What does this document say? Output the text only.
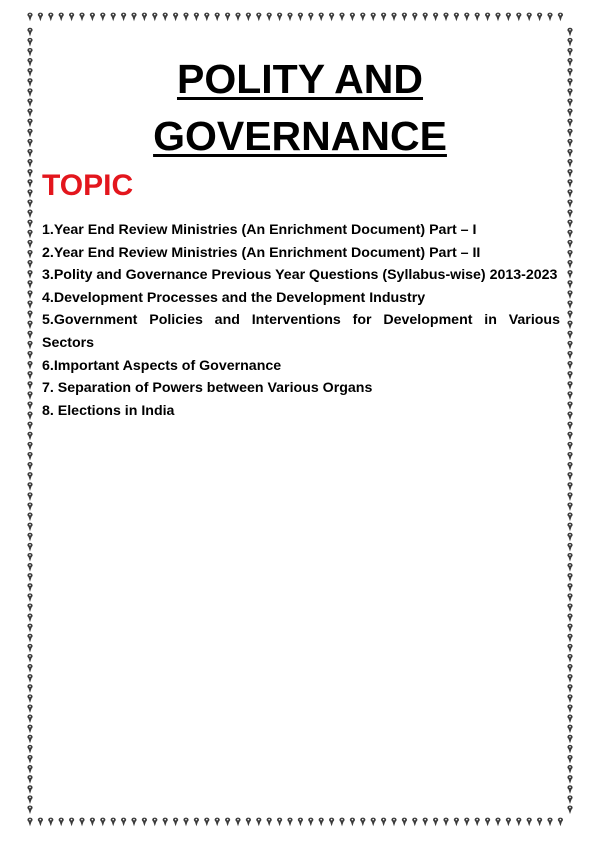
POLITY AND
GOVERNANCE
TOPIC
1.Year End Review Ministries (An Enrichment Document) Part – I
2.Year End Review Ministries (An Enrichment Document) Part – II
3.Polity and Governance Previous Year Questions (Syllabus-wise) 2013-2023
4.Development Processes and the Development Industry
5.Government Policies and Interventions for Development in Various Sectors
6.Important Aspects of Governance
7. Separation of Powers between Various Organs
8. Elections in India
